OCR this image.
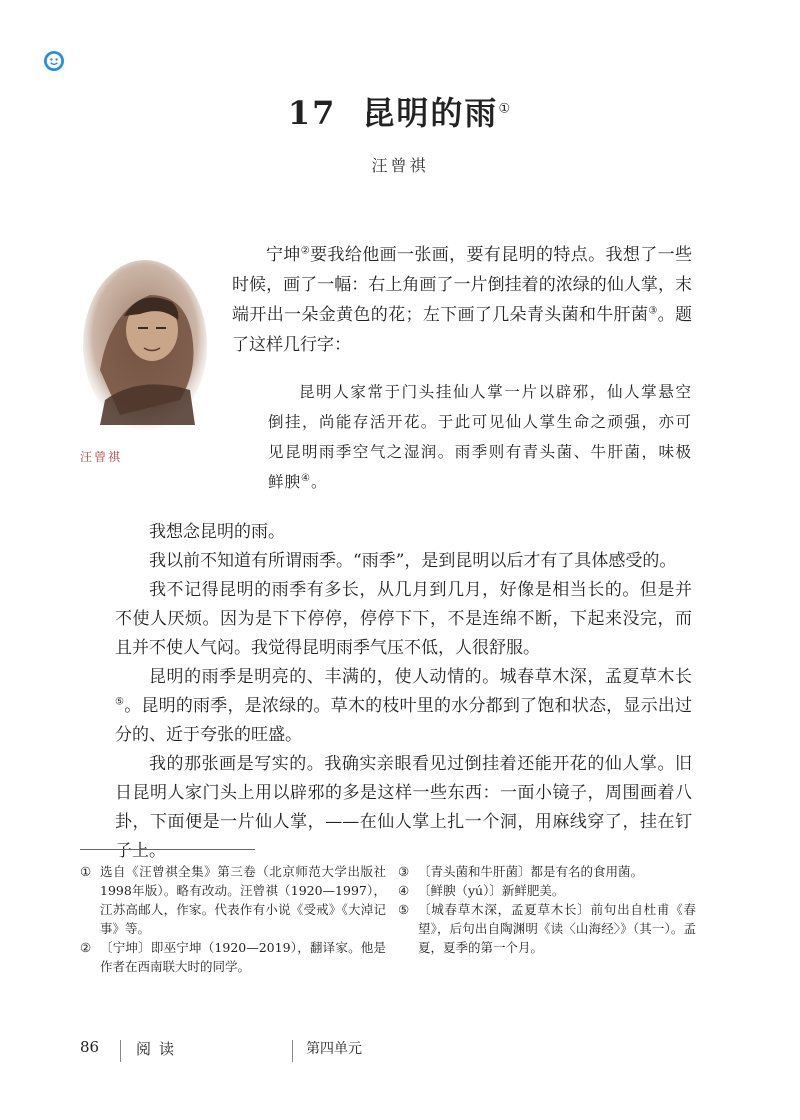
17 昆明的雨①
汪曾祺
汪曾祺

宁坤②要我给他画一张画，要有昆明的特点。我想了一些时候，画了一幅：右上角画了一片倒挂着的浓绿的仙人掌，末端开出一朵金黄色的花；左下画了几朵青头菌和牛肝菌③。题了这样几行字：

昆明人家常于门头挂仙人掌一片以辟邪，仙人掌悬空倒挂，尚能存活开花。于此可见仙人掌生命之顽强，亦可见昆明雨季空气之湿润。雨季则有青头菌、牛肝菌，味极鲜腴④。

我想念昆明的雨。

我以前不知道有所谓雨季。“雨季”，是到昆明以后才有了具体感受的。

我不记得昆明的雨季有多长，从几月到几月，好像是相当长的。但是并不使人厌烦。因为是下下停停，停停下下，不是连绵不断，下起来没完，而且并不使人气闷。我觉得昆明雨季气压不低，人很舒服。

昆明的雨季是明亮的、丰满的，使人动情的。城春草木深，孟夏草木长⑤。昆明的雨季，是浓绿的。草木的枝叶里的水分都到了饱和状态，显示出过分的、近于夸张的旺盛。

我的那张画是写实的。我确实亲眼看见过倒挂着还能开花的仙人掌。旧日昆明人家门头上用以辟邪的多是这样一些东西：一面小镜子，周围画着八卦，下面便是一片仙人掌，——在仙人掌上扎一个洞，用麻线穿了，挂在钉子上。

① 选自《汪曾祺全集》第三卷（北京师范大学出版社1998年版）。略有改动。汪曾祺（1920—1997），江苏高邮人，作家。代表作有小说《受戒》《大淖记事》等。

② 〔宁坤〕即巫宁坤（1920—2019），翻译家。他是作者在西南联大时的同学。

③ 〔青头菌和牛肝菌〕都是有名的食用菌。

④ 〔鲜腴（yú）〕新鲜肥美。

⑤ 〔城春草木深，孟夏草木长〕前句出自杜甫《春望》，后句出自陶渊明《读〈山海经〉》（其一）。孟夏，夏季的第一个月。

86 阅读	第四单元
